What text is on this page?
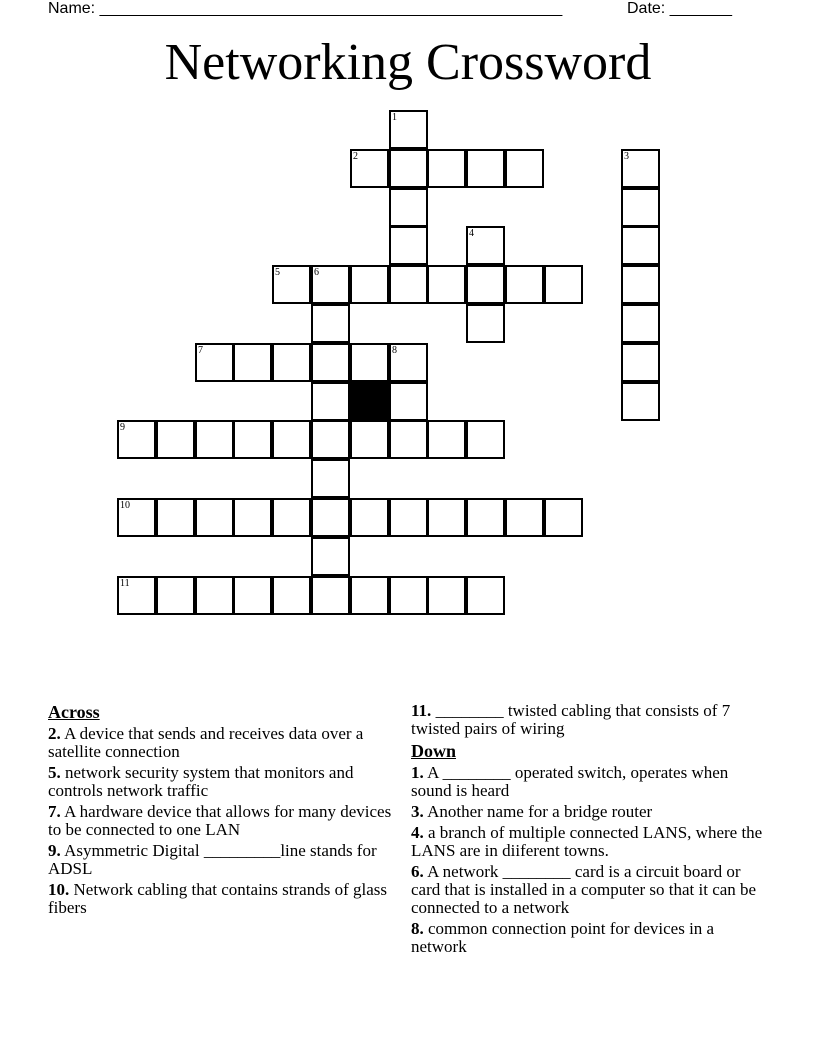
Name: ____________________________________________________	Date: _______
Networking Crossword
1
2	3
4
5	6
7	8
9
10
11
Across
2. A device that sends and receives data over a satellite connection
5. network security system that monitors and controls network traffic
7. A hardware device that allows for many devices to be connected to one LAN
9. Asymmetric Digital _________line stands for ADSL
10. Network cabling that contains strands of glass fibers
11. ________ twisted cabling that consists of 7 twisted pairs of wiring
Down
1. A ________ operated switch, operates when sound is heard
3. Another name for a bridge router
4. a branch of multiple connected LANS, where the LANS are in diiferent towns.
6. A network ________ card is a circuit board or card that is installed in a computer so that it can be connected to a network
8. common connection point for devices in a network
